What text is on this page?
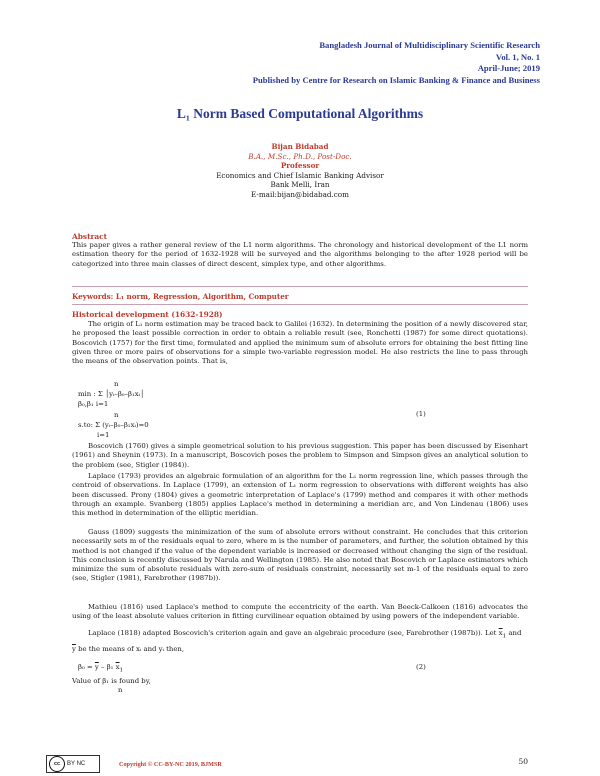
Bangladesh Journal of Multidisciplinary Scientific Research
Vol. 1, No. 1
April-June; 2019
Published by Centre for Research on Islamic Banking & Finance and Business
L₁ Norm Based Computational Algorithms
Bijan Bidabad
B.A., M.Sc., Ph.D., Post-Doc.
Professor
Economics and Chief Islamic Banking Advisor
Bank Melli, Iran
E-mail:bijan@bidabad.com
Abstract
This paper gives a rather general review of the L1 norm algorithms. The chronology and historical development of the L1 norm estimation theory for the period of 1632-1928 will be surveyed and the algorithms belonging to the after 1928 period will be categorized into three main classes of direct descent, simplex type, and other algorithms.
Keywords: L₁ norm, Regression, Algorithm, Computer
Historical development (1632-1928)
The origin of L₁ norm estimation may be traced back to Galilei (1632). In determining the position of a newly discovered star, he proposed the least possible correction in order to obtain a reliable result (see, Ronchetti (1987) for some direct quotations). Boscovich (1757) for the first time, formulated and applied the minimum sum of absolute errors for obtaining the best fitting line given three or more pairs of observations for a simple two-variable regression model. He also restricts the line to pass through the means of the observation points. That is,
n
min : Σ │yᵢ–β₀–β₁xᵢ│
β₀,β₁ i=1
n
s.to: Σ (yᵢ–β₀–β₁xᵢ)=0
i=1
(1)
Boscovich (1760) gives a simple geometrical solution to his previous suggestion. This paper has been discussed by Eisenhart (1961) and Sheynin (1973). In a manuscript, Boscovich poses the problem to Simpson and Simpson gives an analytical solution to the problem (see, Stigler (1984)).
Laplace (1793) provides an algebraic formulation of an algorithm for the L₁ norm regression line, which passes through the centroid of observations. In Laplace (1799), an extension of L₁ norm regression to observations with different weights has also been discussed. Prony (1804) gives a geometric interpretation of Laplace's (1799) method and compares it with other methods through an example. Svanberg (1805) applies Laplace's method in determining a meridian arc, and Von Lindenau (1806) uses this method in determination of the elliptic meridian.
Gauss (1809) suggests the minimization of the sum of absolute errors without constraint. He concludes that this criterion necessarily sets m of the residuals equal to zero, where m is the number of parameters, and further, the solution obtained by this method is not changed if the value of the dependent variable is increased or decreased without changing the sign of the residual. This conclusion is recently discussed by Narula and Wellington (1985). He also noted that Boscovich or Laplace estimators which minimize the sum of absolute residuals with zero-sum of residuals constraint, necessarily set m-1 of the residuals equal to zero (see, Stigler (1981), Farebrother (1987b)).
Mathieu (1816) used Laplace's method to compute the eccentricity of the earth. Van Beeck-Calkoen (1816) advocates the using of the least absolute values criterion in fitting curvilinear equation obtained by using powers of the independent variable.
Laplace (1818) adapted Boscovich's criterion again and gave an algebraic procedure (see, Farebrother (1987b)). Let $\overline{x}_1$ and
$\overline{y}$ be the means of xᵢ and yᵢ then,
$\beta_0 = \overline{y} - \beta_1$ $\overline{x}_1$	(2)
Value of β₁ is found by,
n
cc	BY NC	Copyright © CC-BY-NC 2019, BJMSR	50
